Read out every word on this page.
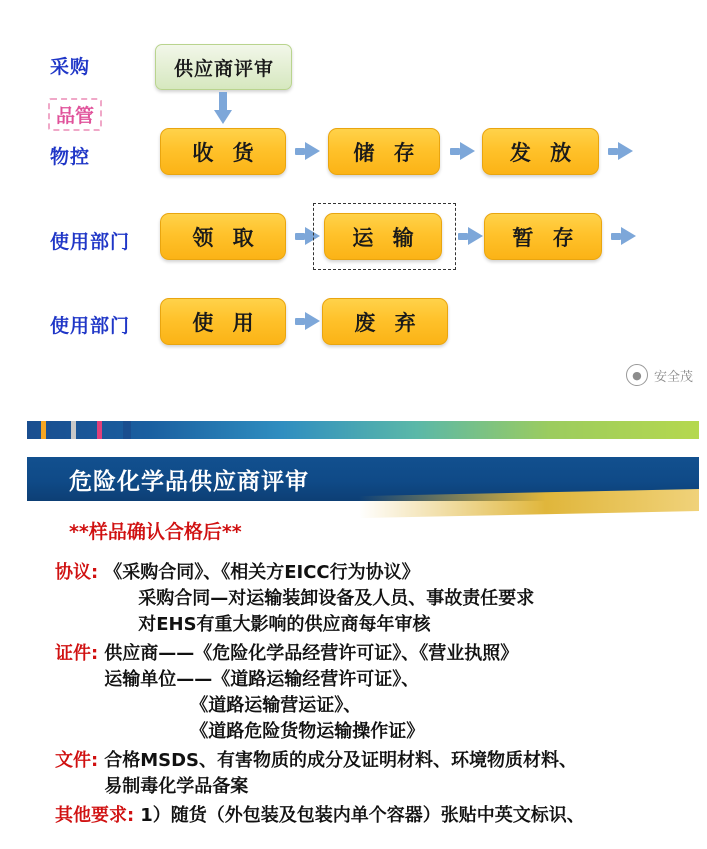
采购
品管
物控
使用部门
使用部门
供应商评审
收 货	储 存	发 放
领 取	运 输	暂 存
使 用	废 弃
● 安全茂
危险化学品供应商评审
**样品确认合格后**
协议: 《采购合同》、《相关方EICC行为协议》
采购合同—对运输装卸设备及人员、事故责任要求
对EHS有重大影响的供应商每年审核
证件: 供应商——《危险化学品经营许可证》、《营业执照》
运输单位——《道路运输经营许可证》、
《道路运输营运证》、
《道路危险货物运输操作证》
文件: 合格MSDS、有害物质的成分及证明材料、环境物质材料、
易制毒化学品备案
其他要求: 1）随货（外包装及包装内单个容器）张贴中英文标识、
